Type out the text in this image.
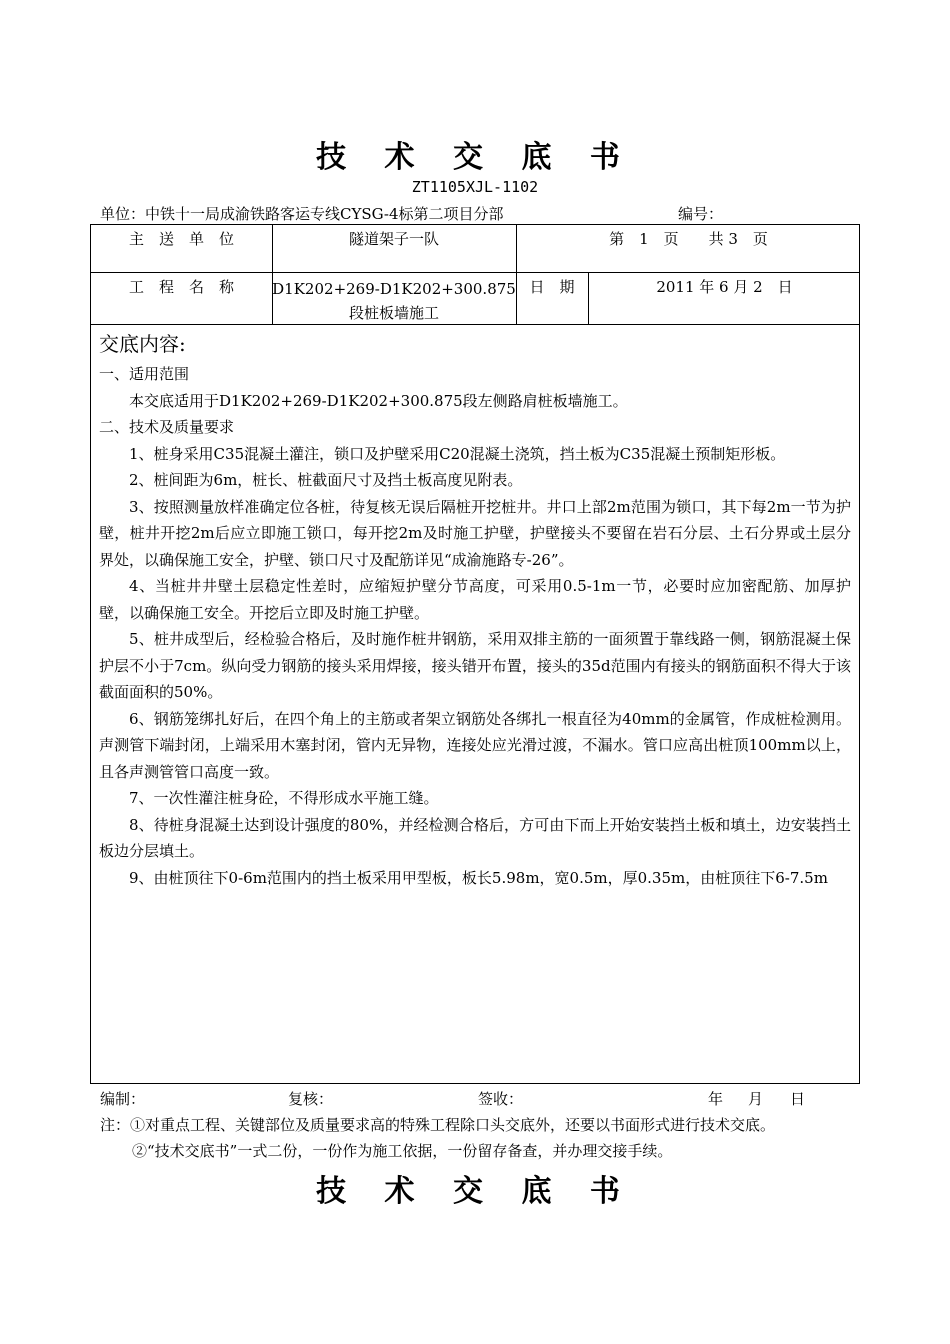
技 术 交 底 书
ZT1105XJL-1102
单位：中铁十一局成渝铁路客运专线CYSG-4标第二项目分部	编号：
主　送　单　位	隧道架子一队	第　1　页　　共 3　页
工　程　名　称	D1K202+269-D1K202+300.875
段桩板墙施工
日　期	2011 年 6 月 2　日
交底内容:

一、适用范围

本交底适用于D1K202+269-D1K202+300.875段左侧路肩桩板墙施工。

二、技术及质量要求

1、桩身采用C35混凝土灌注，锁口及护壁采用C20混凝土浇筑，挡土板为C35混凝土预制矩形板。

2、桩间距为6m，桩长、桩截面尺寸及挡土板高度见附表。

3、按照测量放样准确定位各桩，待复核无误后隔桩开挖桩井。井口上部2m范围为锁口，其下每2m一节为护壁，桩井开挖2m后应立即施工锁口，每开挖2m及时施工护壁，护壁接头不要留在岩石分层、土石分界或土层分界处，以确保施工安全，护壁、锁口尺寸及配筋详见“成渝施路专-26”。

4、当桩井井壁土层稳定性差时，应缩短护壁分节高度，可采用0.5-1m一节，必要时应加密配筋、加厚护壁，以确保施工安全。开挖后立即及时施工护壁。

5、桩井成型后，经检验合格后，及时施作桩井钢筋，采用双排主筋的一面须置于靠线路一侧，钢筋混凝土保护层不小于7cm。纵向受力钢筋的接头采用焊接，接头错开布置，接头的35d范围内有接头的钢筋面积不得大于该截面面积的50%。

6、钢筋笼绑扎好后，在四个角上的主筋或者架立钢筋处各绑扎一根直径为40mm的金属管，作成桩检测用。声测管下端封闭，上端采用木塞封闭，管内无异物，连接处应光滑过渡，不漏水。管口应高出桩顶100mm以上，且各声测管管口高度一致。

7、一次性灌注桩身砼，不得形成水平施工缝。

8、待桩身混凝土达到设计强度的80%，并经检测合格后，方可由下而上开始安装挡土板和填土，边安装挡土板边分层填土。

9、由桩顶往下0-6m范围内的挡土板采用甲型板，板长5.98m，宽0.5m，厚0.35m，由桩顶往下6-7.5m

编制：	复核：	签收：	年 月 日

注：①对重点工程、关键部位及质量要求高的特殊工程除口头交底外，还要以书面形式进行技术交底。

②“技术交底书”一式二份，一份作为施工依据，一份留存备查，并办理交接手续。

技 术 交 底 书
